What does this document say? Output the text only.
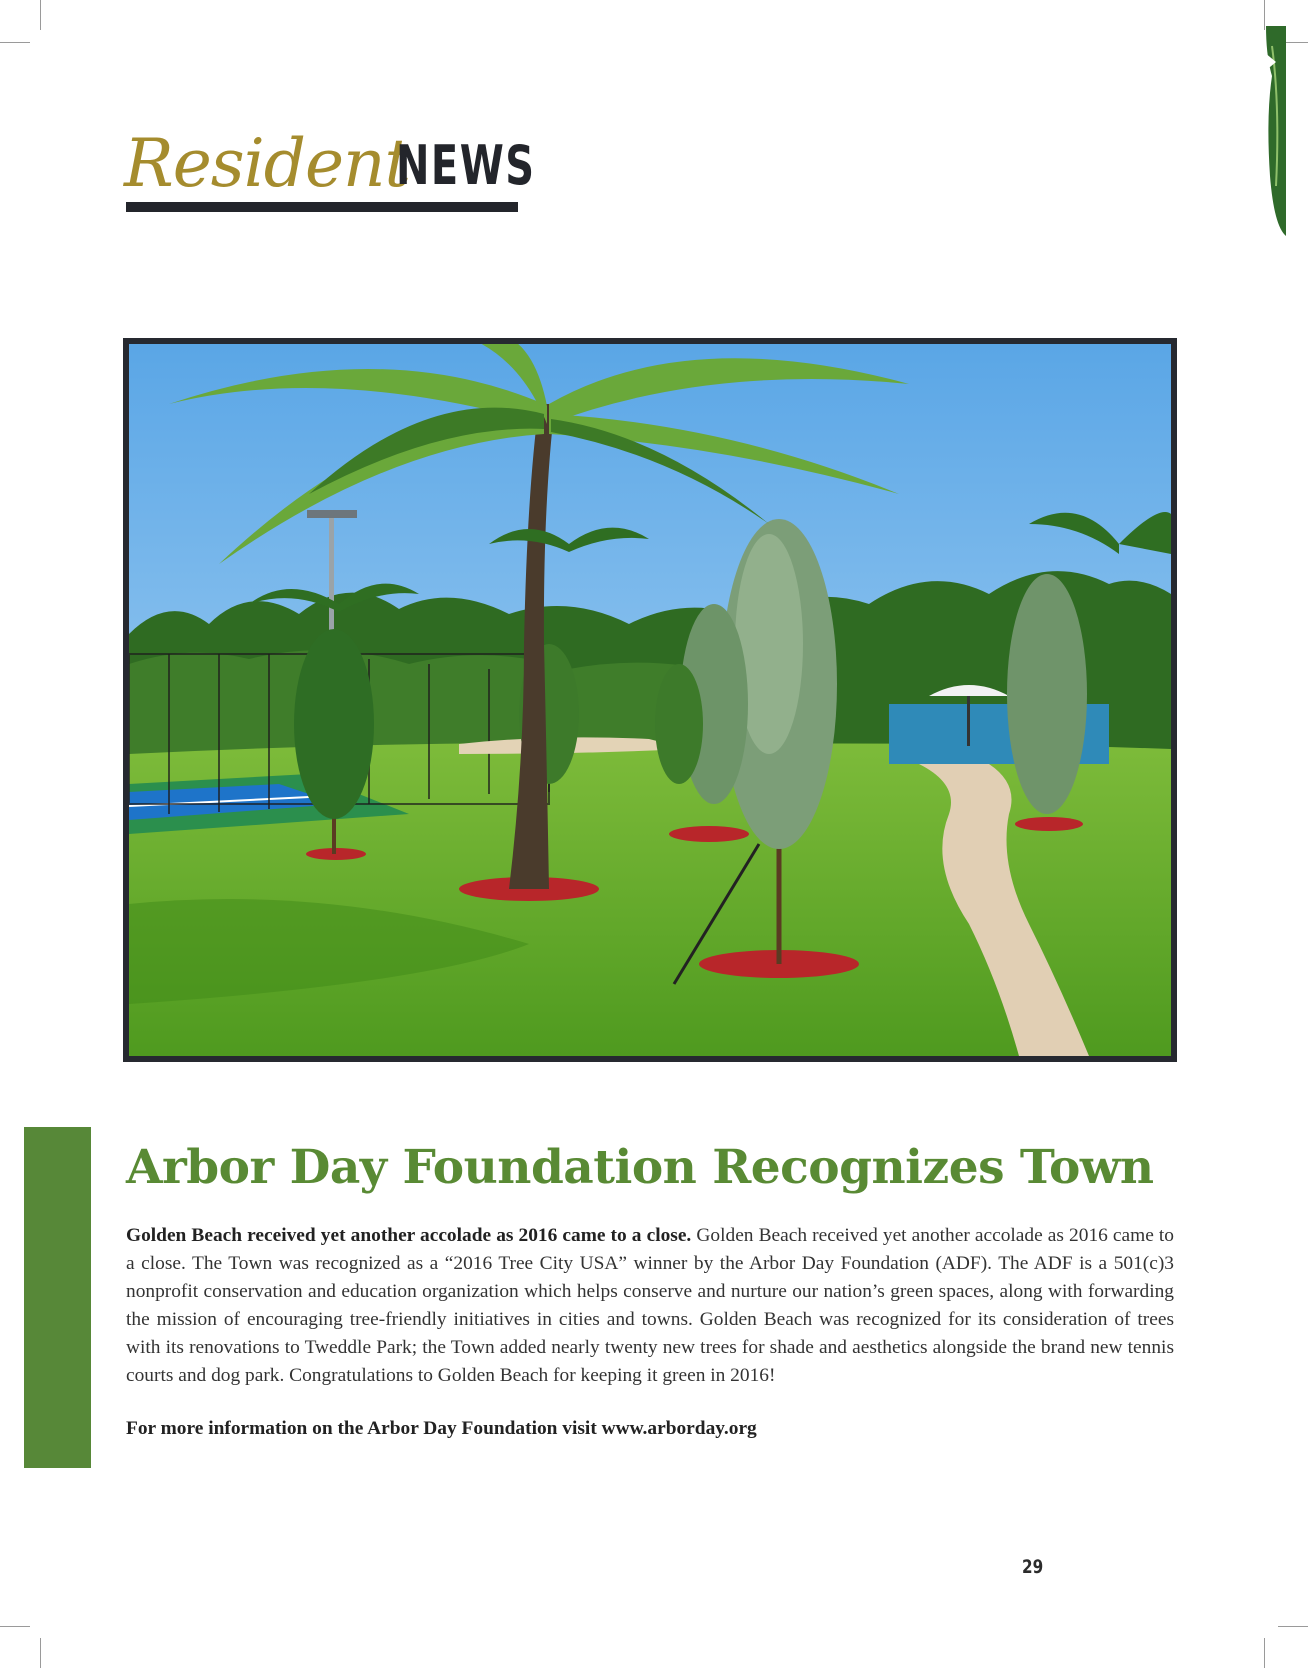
Resident
NEWS
Arbor Day Foundation Recognizes Town

Golden Beach received yet another accolade as 2016 came to a close. Golden Beach received yet another accolade as 2016 came to a close. The Town was recognized as a “2016 Tree City USA” winner by the Arbor Day Foundation (ADF). The ADF is a 501(c)3 nonprofit conservation and education organization which helps conserve and nurture our nation’s green spaces, along with forwarding the mission of encouraging tree-friendly initiatives in cities and towns. Golden Beach was recognized for its consideration of trees with its renovations to Tweddle Park; the Town added nearly twenty new trees for shade and aesthetics alongside the brand new tennis courts and dog park. Congratulations to Golden Beach for keeping it green in 2016!

For more information on the Arbor Day Foundation visit www.arborday.org

29
